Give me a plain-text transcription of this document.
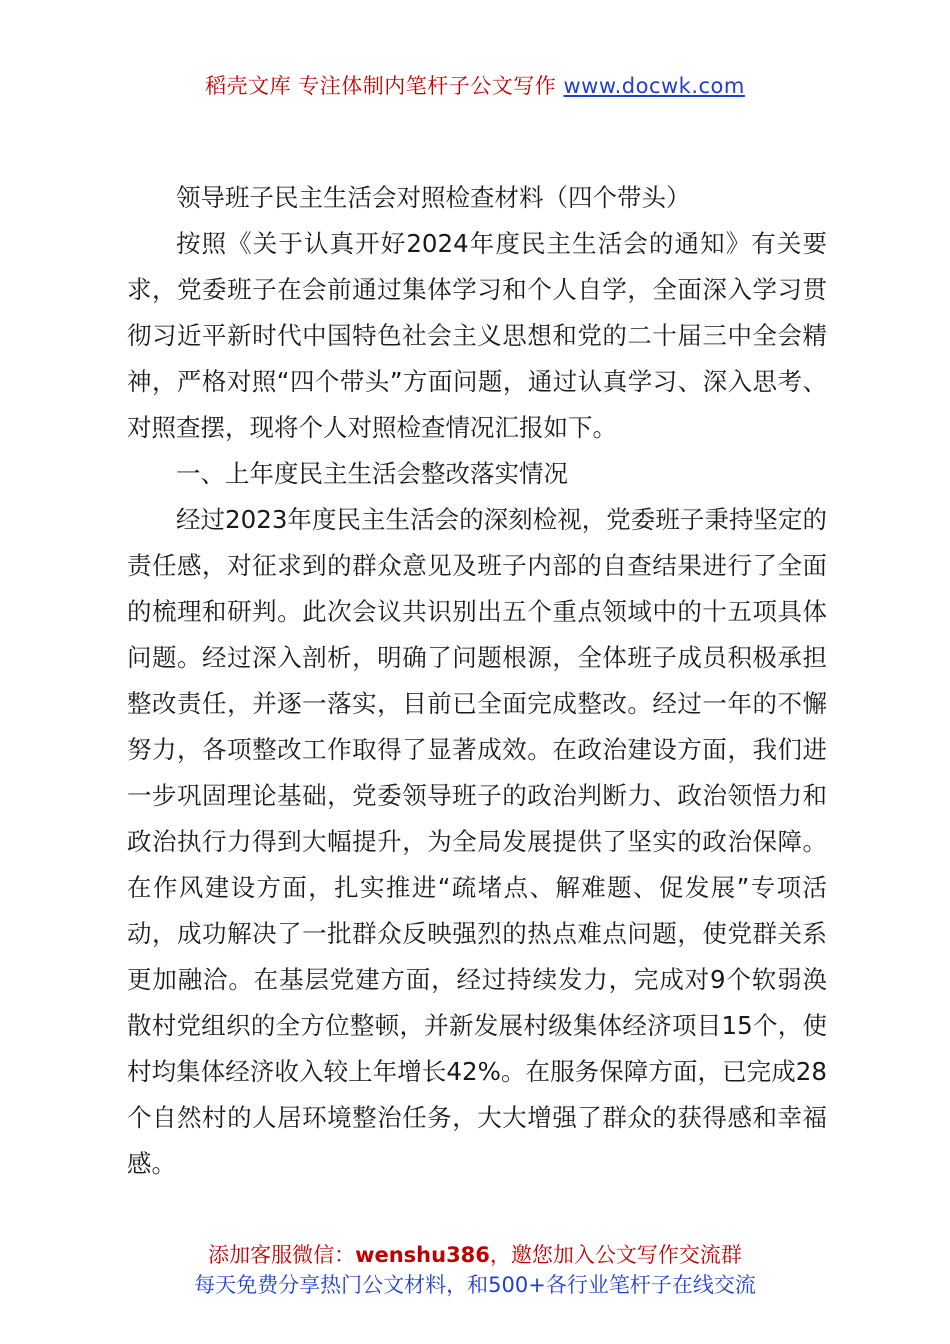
稻壳文库 专注体制内笔杆子公文写作 www.docwk.com

领导班子民主生活会对照检查材料（四个带头）

按照《关于认真开好2024年度民主生活会的通知》有关要求，党委班子在会前通过集体学习和个人自学，全面深入学习贯彻习近平新时代中国特色社会主义思想和党的二十届三中全会精神，严格对照“四个带头”方面问题，通过认真学习、深入思考、对照查摆，现将个人对照检查情况汇报如下。

一、上年度民主生活会整改落实情况

经过2023年度民主生活会的深刻检视，党委班子秉持坚定的责任感，对征求到的群众意见及班子内部的自查结果进行了全面的梳理和研判。此次会议共识别出五个重点领域中的十五项具体问题。经过深入剖析，明确了问题根源，全体班子成员积极承担整改责任，并逐一落实，目前已全面完成整改。经过一年的不懈努力，各项整改工作取得了显著成效。在政治建设方面，我们进一步巩固理论基础，党委领导班子的政治判断力、政治领悟力和政治执行力得到大幅提升，为全局发展提供了坚实的政治保障。在作风建设方面，扎实推进“疏堵点、解难题、促发展”专项活动，成功解决了一批群众反映强烈的热点难点问题，使党群关系更加融洽。在基层党建方面，经过持续发力，完成对9个软弱涣散村党组织的全方位整顿，并新发展村级集体经济项目15个，使村均集体经济收入较上年增长42%。在服务保障方面，已完成28个自然村的人居环境整治任务，大大增强了群众的获得感和幸福感。

添加客服微信：wenshu386，邀您加入公文写作交流群
每天免费分享热门公文材料，和500+各行业笔杆子在线交流
